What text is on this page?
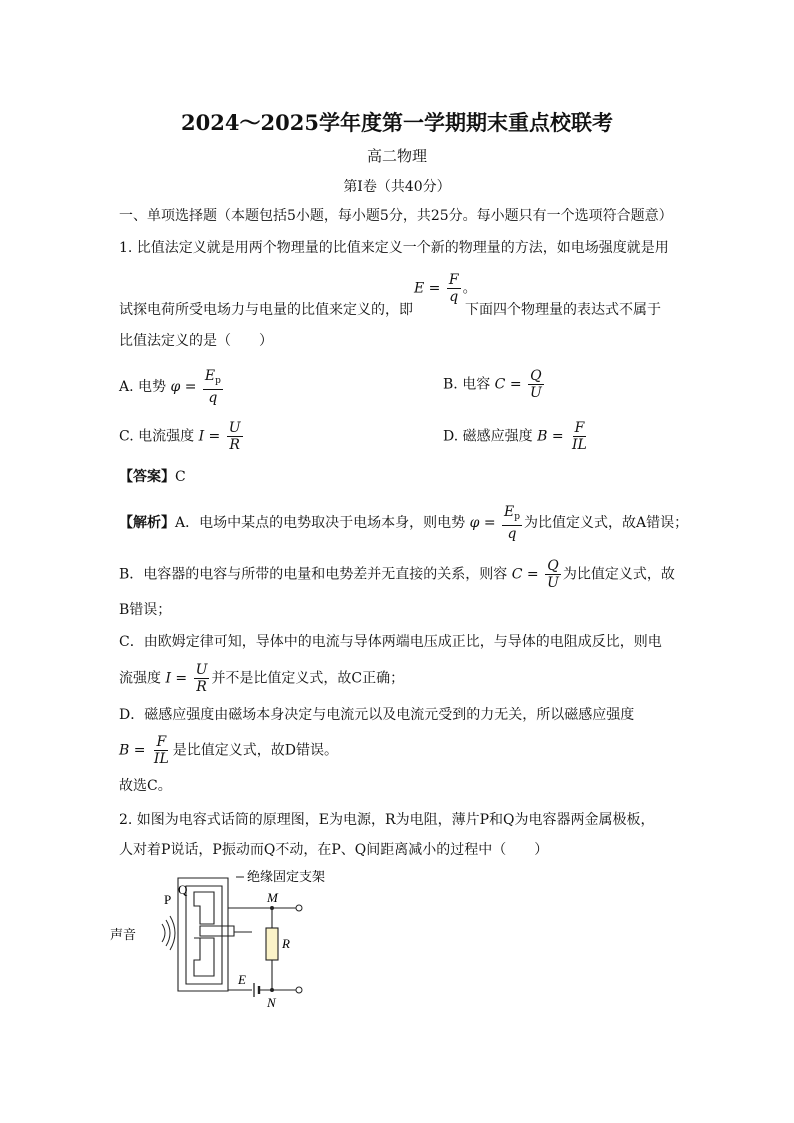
2024～2025学年度第一学期期末重点校联考
高二物理
第Ⅰ卷（共40分）
一、单项选择题（本题包括5小题，每小题5分，共25分。每小题只有一个选项符合题意）
1. 比值法定义就是用两个物理量的比值来定义一个新的物理量的方法，如电场强度就是用
$E = \frac{F}{q}$ 。
试探电荷所受电场力与电量的比值来定义的，即	下面四个物理量的表达式不属于
比值法定义的是（　　）
A. 电势 $\varphi = \frac{E_p}{q}$	B. 电容 $C = \frac{Q}{U}$
C. 电流强度 $I = \frac{U}{R}$	D. 磁感应强度 $B = \frac{F}{IL}$
【答案】C
【解析】A．电场中某点的电势取决于电场本身，则电势 $\varphi = \frac{E_p}{q}$ 为比值定义式，故A错误；
B．电容器的电容与所带的电量和电势差并无直接的关系，则容 $C = \frac{Q}{U}$ 为比值定义式，故
B错误；
C．由欧姆定律可知，导体中的电流与导体两端电压成正比，与导体的电阻成反比，则电
流强度 $I = \frac{U}{R}$ 并不是比值定义式，故C正确；
D．磁感应强度由磁场本身决定与电流元以及电流元受到的力无关，所以磁感应强度
$B = \frac{F}{IL}$ 是比值定义式，故D错误。
故选C。
2. 如图为电容式话筒的原理图，E为电源，R为电阻，薄片P和Q为电容器两金属极板，
人对着P说话，P振动而Q不动，在P、Q间距离减小的过程中（　　）
绝缘固定支架
Q
P
声音
R
E
M
N
